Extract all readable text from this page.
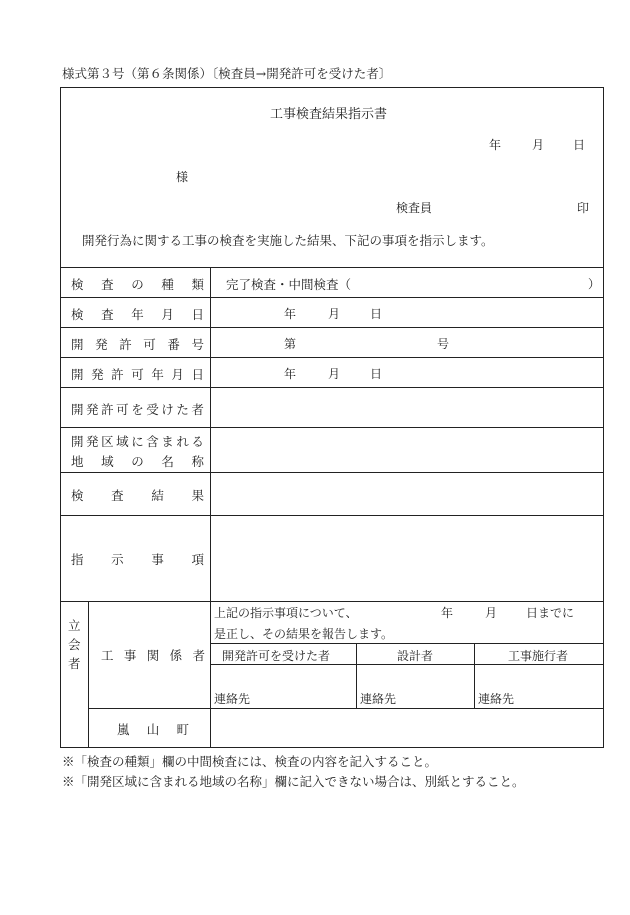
様式第３号（第６条関係）〔検査員→開発許可を受けた者〕
工事検査結果指示書
年	月 日
様
検査員	印
開発行為に関する工事の検査を実施した結果、下記の事項を指示します。
検 査 の 種 類 完了検査・中間検査（	）
検 査 年 月 日	年	月 日
開 発 許 可 番 号	第	号
開 発 許 可 年 月 日	年	月 日
開 発 許 可 を 受 け た 者
開 発 区 域 に 含 ま れ る
地 域 の 名 称
検 査 結 果
指 示 事 項
立会者
工 事 関 係 者
上記の指示事項について、	年	月 日までに
是正し、その結果を報告します。
開発許可を受けた者	設計者	工事施行者
連絡先	連絡先	連絡先
嵐 山 町
※「検査の種類」欄の中間検査には、検査の内容を記入すること。
※「開発区域に含まれる地域の名称」欄に記入できない場合は、別紙とすること。
